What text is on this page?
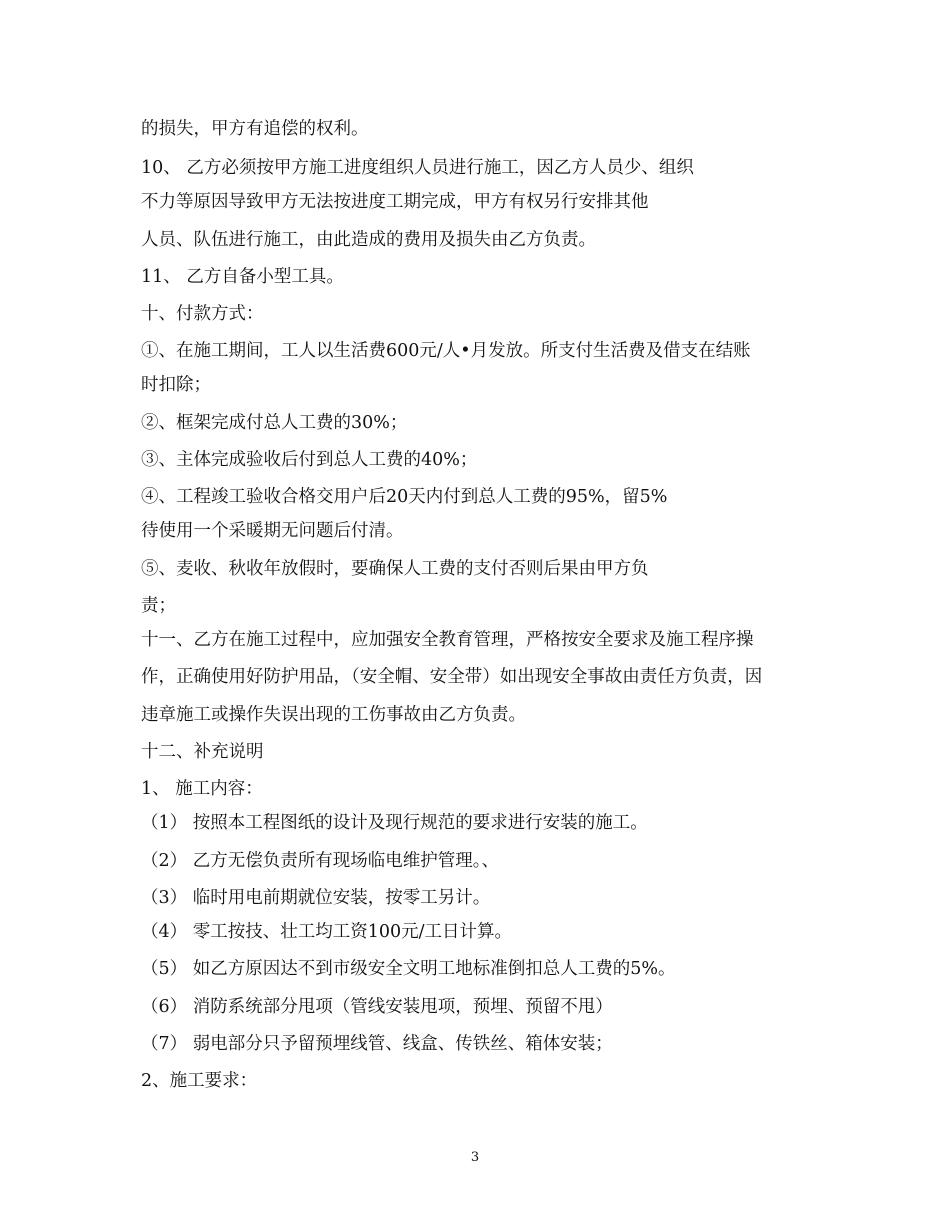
的损失，甲方有追偿的权利。
10、 乙方必须按甲方施工进度组织人员进行施工，因乙方人员少、组织
不力等原因导致甲方无法按进度工期完成，甲方有权另行安排其他
人员、队伍进行施工，由此造成的费用及损失由乙方负责。
11、 乙方自备小型工具。
十、付款方式：
①、在施工期间，工人以生活费600元/人•月发放。所支付生活费及借支在结账
时扣除；
②、框架完成付总人工费的30%；
③、主体完成验收后付到总人工费的40%；
④、工程竣工验收合格交用户后20天内付到总人工费的95%，留5%
待使用一个采暖期无问题后付清。
⑤、麦收、秋收年放假时，要确保人工费的支付否则后果由甲方负
责；
十一、乙方在施工过程中，应加强安全教育管理，严格按安全要求及施工程序操
作，正确使用好防护用品，（安全帽、安全带）如出现安全事故由责任方负责，因
违章施工或操作失误出现的工伤事故由乙方负责。
十二、补充说明
1、 施工内容：
（1） 按照本工程图纸的设计及现行规范的要求进行安装的施工。
（2） 乙方无偿负责所有现场临电维护管理。、
（3） 临时用电前期就位安装，按零工另计。
（4） 零工按技、壮工均工资100元/工日计算。
（5） 如乙方原因达不到市级安全文明工地标准倒扣总人工费的5%。
（6） 消防系统部分甩项（管线安装甩项，预埋、预留不甩）
（7） 弱电部分只予留预埋线管、线盒、传铁丝、箱体安装；
2、施工要求：
3
